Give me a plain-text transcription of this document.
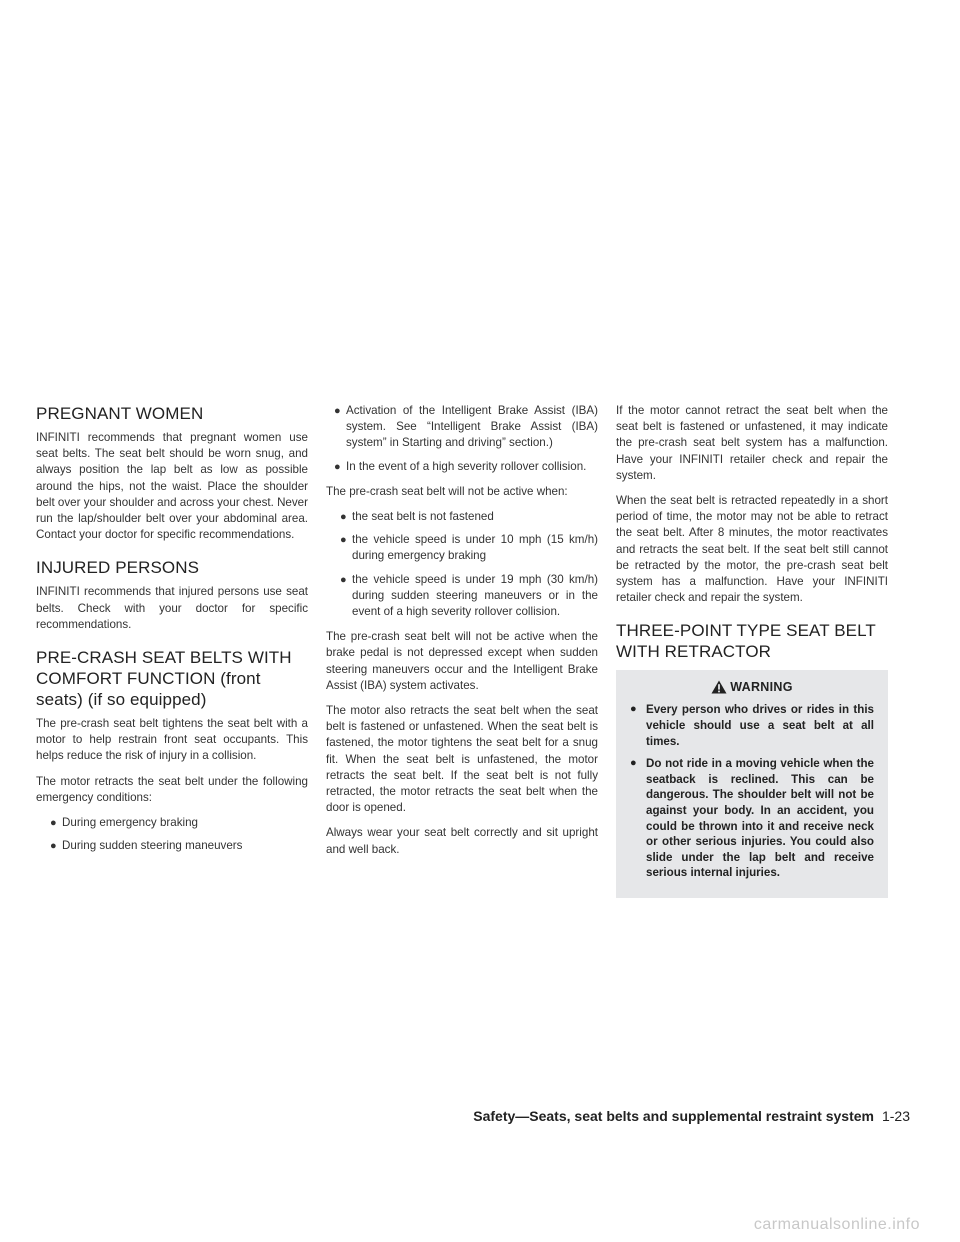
PREGNANT WOMEN

INFINITI recommends that pregnant women use seat belts. The seat belt should be worn snug, and always position the lap belt as low as possible around the hips, not the waist. Place the shoulder belt over your shoulder and across your chest. Never run the lap/shoulder belt over your abdominal area. Contact your doctor for specific recommendations.

INJURED PERSONS

INFINITI recommends that injured persons use seat belts. Check with your doctor for specific recommendations.

PRE-CRASH SEAT BELTS WITH COMFORT FUNCTION (front seats) (if so equipped)

The pre-crash seat belt tightens the seat belt with a motor to help restrain front seat occupants. This helps reduce the risk of injury in a collision.

The motor retracts the seat belt under the following emergency conditions:

● During emergency braking
● During sudden steering maneuvers
● Activation of the Intelligent Brake Assist (IBA) system. See “Intelligent Brake Assist (IBA) system” in Starting and driving” section.)
● In the event of a high severity rollover collision.

The pre-crash seat belt will not be active when:

● the seat belt is not fastened
● the vehicle speed is under 10 mph (15 km/h) during emergency braking
● the vehicle speed is under 19 mph (30 km/h) during sudden steering maneuvers or in the event of a high severity rollover collision.

The pre-crash seat belt will not be active when the brake pedal is not depressed except when sudden steering maneuvers occur and the Intelligent Brake Assist (IBA) system activates.

The motor also retracts the seat belt when the seat belt is fastened or unfastened. When the seat belt is fastened, the motor tightens the seat belt for a snug fit. When the seat belt is unfastened, the motor retracts the seat belt. If the seat belt is not fully retracted, the motor retracts the seat belt when the door is opened.

Always wear your seat belt correctly and sit upright and well back.

If the motor cannot retract the seat belt when the seat belt is fastened or unfastened, it may indicate the pre-crash seat belt system has a malfunction. Have your INFINITI retailer check and repair the system.

When the seat belt is retracted repeatedly in a short period of time, the motor may not be able to retract the seat belt. After 8 minutes, the motor reactivates and retracts the seat belt. If the seat belt still cannot be retracted by the motor, the pre-crash seat belt system has a malfunction. Have your INFINITI retailer check and repair the system.

THREE-POINT TYPE SEAT BELT WITH RETRACTOR
WARNING
● Every person who drives or rides in this vehicle should use a seat belt at all times.
● Do not ride in a moving vehicle when the seatback is reclined. This can be dangerous. The shoulder belt will not be against your body. In an accident, you could be thrown into it and receive neck or other serious injuries. You could also slide under the lap belt and receive serious internal injuries.
Safety—Seats, seat belts and supplemental restraint system 1-23
carmanualsonline.info
